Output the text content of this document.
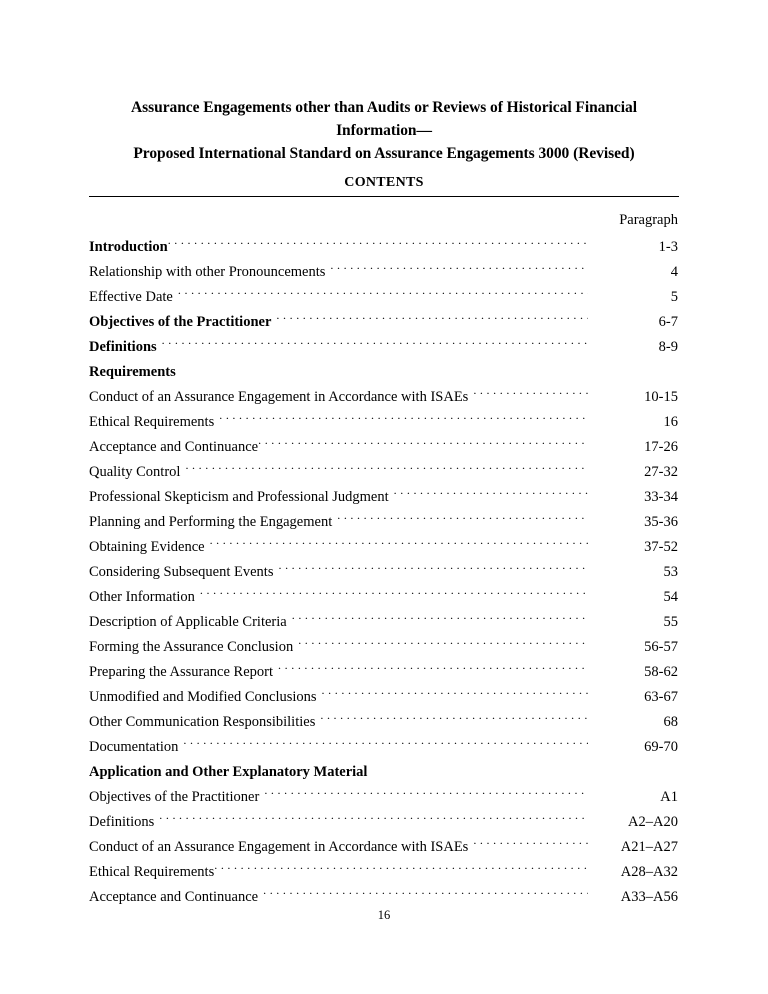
Assurance Engagements other than Audits or Reviews of Historical Financial
Information—
Proposed International Standard on Assurance Engagements 3000 (Revised)
CONTENTS
Paragraph
Introduction . . .	1-3
Relationship with other Pronouncements . . .	4
Effective Date . . .	5
Objectives of the Practitioner . . .	6-7
Definitions . . .	8-9
Requirements
Conduct of an Assurance Engagement in Accordance with ISAEs . . .	10-15
Ethical Requirements . . .	16
Acceptance and Continuance . . .	17-26
Quality Control . . .	27-32
Professional Skepticism and Professional Judgment . . .	33-34
Planning and Performing the Engagement . . .	35-36
Obtaining Evidence . . .	37-52
Considering Subsequent Events . . .	53
Other Information . . .	54
Description of Applicable Criteria . . .	55
Forming the Assurance Conclusion . . .	56-57
Preparing the Assurance Report . . .	58-62
Unmodified and Modified Conclusions . . .	63-67
Other Communication Responsibilities . . .	68
Documentation . . .	69-70
Application and Other Explanatory Material
Objectives of the Practitioner . . .	A1
Definitions . . .	A2–A20
Conduct of an Assurance Engagement in Accordance with ISAEs . . .	A21–A27
Ethical Requirements . . .	A28–A32
Acceptance and Continuance . . .	A33–A56
16
